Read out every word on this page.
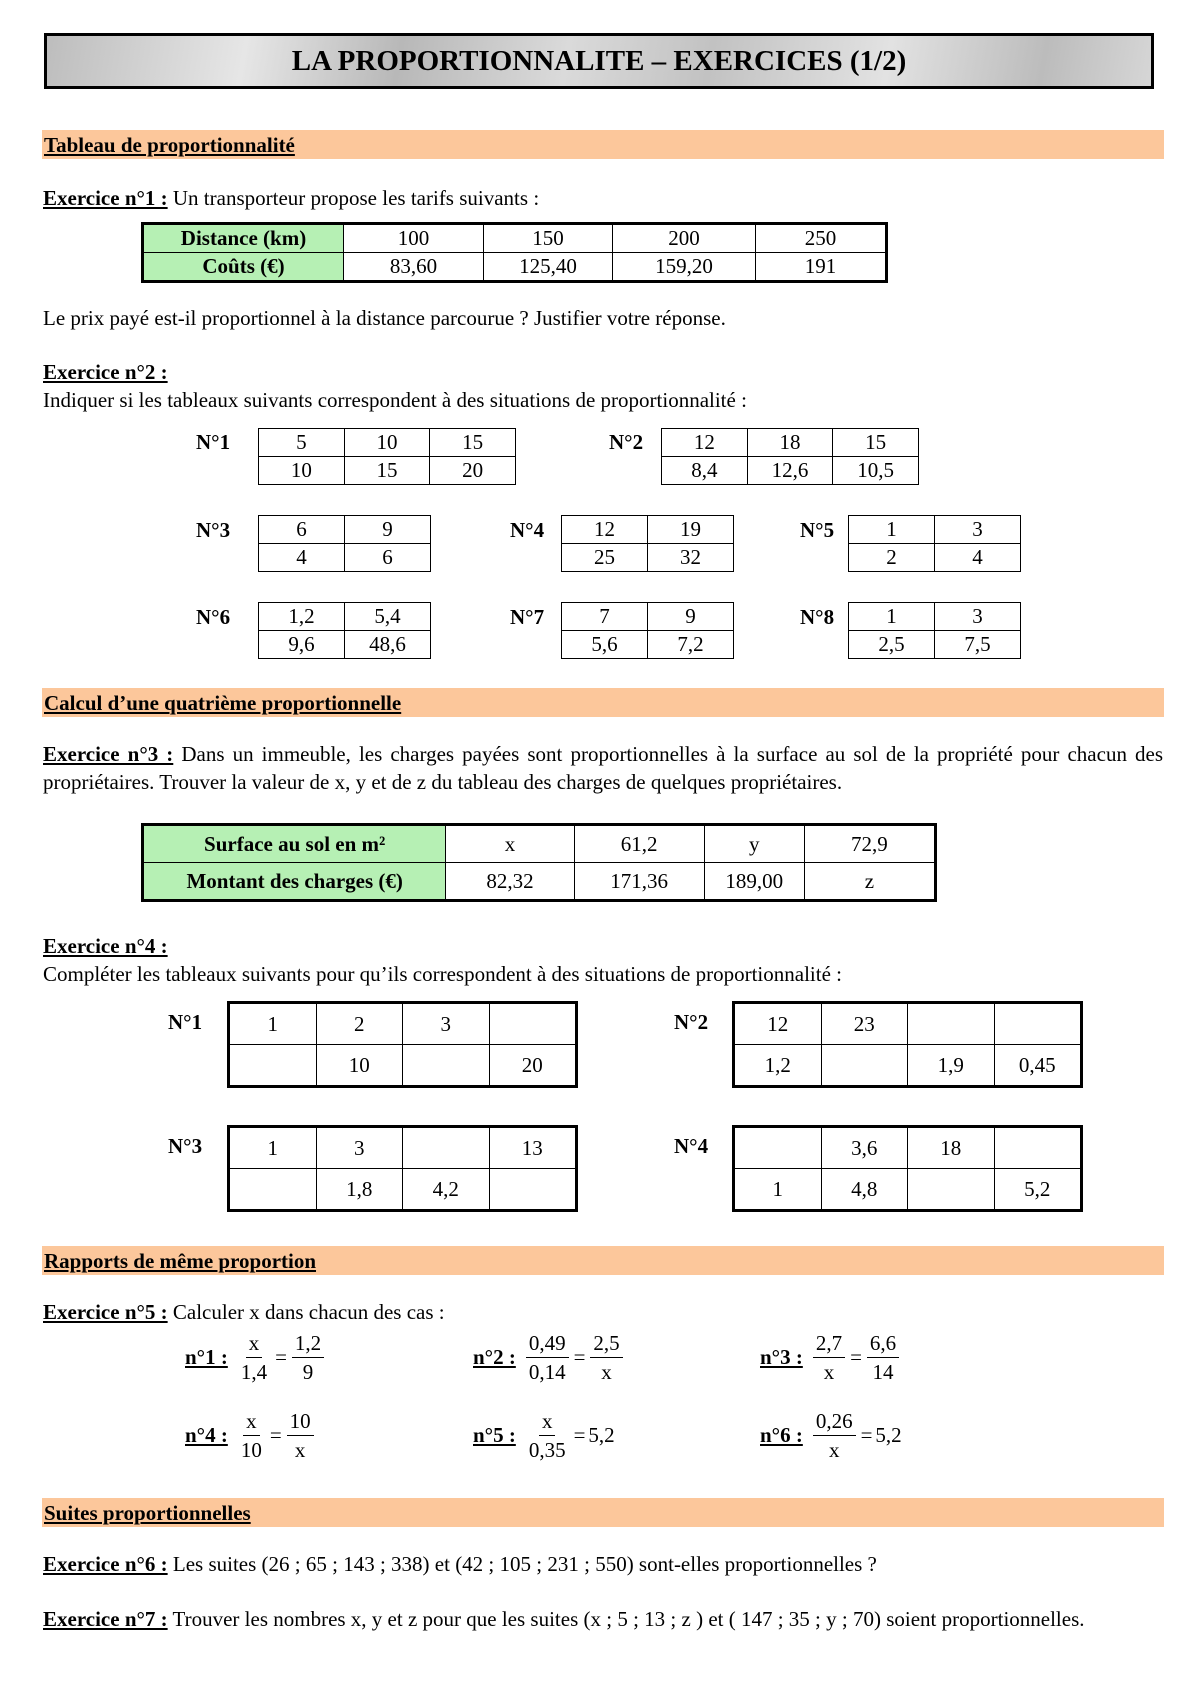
LA PROPORTIONNALITE – EXERCICES (1/2)
Tableau de proportionnalité
Exercice n°1 : Un transporteur propose les tarifs suivants :
Distance (km)	100	150	200	250
Coûts (€)	83,60	125,40	159,20	191
Le prix payé est-il proportionnel à la distance parcourue ? Justifier votre réponse.
Exercice n°2 :
Indiquer si les tableaux suivants correspondent à des situations de proportionnalité :
N°1	5	10	15
10	15	20
N°2 12	18	15
8,4	12,6	10,5
N°3	6	9
4	6
N°4 12	19
25	32
N°5 1	3
2	4
N°6	1,2	5,4
9,6	48,6
N°7	7	9
5,6	7,2
N°8 1	3
2,5	7,5
Calcul d’une quatrième proportionnelle
Exercice n°3 : Dans un immeuble, les charges payées sont proportionnelles à la surface au sol de la propriété pour chacun des propriétaires. Trouver la valeur de x, y et de z du tableau des charges de quelques propriétaires.
Surface au sol en m²	x	61,2	y	72,9
Montant des charges (€)	82,32	171,36	189,00	z
Exercice n°4 :
Compléter les tableaux suivants pour qu’ils correspondent à des situations de proportionnalité :
N°1	1	2	3	
	10		20
N°2	12	23		
1,2		1,9	0,45
N°3	1	3		13
	1,8	4,2	
N°4
		3,6	18	
1	4,8		5,2
Rapports de même proportion
Exercice n°5 : Calculer x dans chacun des cas :
n°1 : $\frac{x}{1,4} = \frac{1,2}{9}$	n°2 : $\frac{0,49}{0,14} = \frac{2,5}{x}$	n°3 : $\frac{2,7}{x} = \frac{6,6}{14}$
n°4 : $\frac{x}{10} = \frac{10}{x}$	n°5 : $\frac{x}{0,35} = 5,2$	n°6 : $\frac{0,26}{x} = 5,2$
Suites proportionnelles
Exercice n°6 : Les suites (26 ; 65 ; 143 ; 338) et (42 ; 105 ; 231 ; 550) sont-elles proportionnelles ?
Exercice n°7 : Trouver les nombres x, y et z pour que les suites (x ; 5 ; 13 ; z ) et ( 147 ; 35 ; y ; 70) soient proportionnelles.
